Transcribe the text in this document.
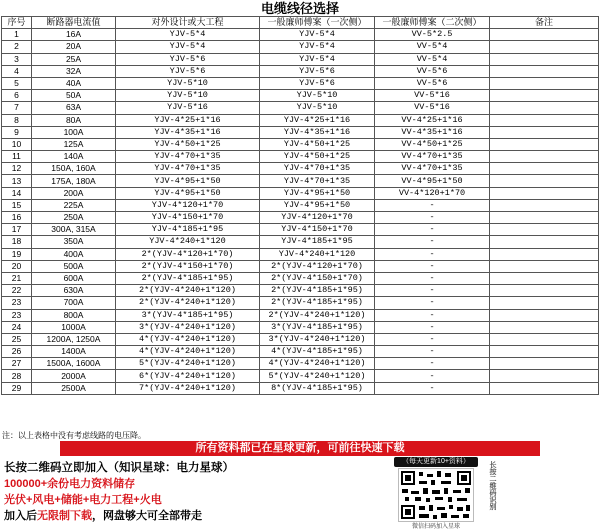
电缆线径选择
序号	断路器电流值	对外设计或大工程	一般廉师傅案（一次侧）	一般廉师傅案（二次侧）	备注
1	16A	YJV-5*4	YJV-5*4	VV-5*2.5	
2	20A	YJV-5*4	YJV-5*4	VV-5*4	
3	25A	YJV-5*6	YJV-5*4	VV-5*4	
4	32A	YJV-5*6	YJV-5*6	VV-5*6	
5	40A	YJV-5*10	YJV-5*6	VV-5*6	
6	50A	YJV-5*10	YJV-5*10	VV-5*16	
7	63A	YJV-5*16	YJV-5*10	VV-5*16	
8	80A	YJV-4*25+1*16	YJV-4*25+1*16	VV-4*25+1*16	
9	100A	YJV-4*35+1*16	YJV-4*35+1*16	VV-4*35+1*16	
10	125A	YJV-4*50+1*25	YJV-4*50+1*25	VV-4*50+1*25	
11	140A	YJV-4*70+1*35	YJV-4*50+1*25	VV-4*70+1*35	
12	150A, 160A	YJV-4*70+1*35	YJV-4*70+1*35	VV-4*70+1*35	
13	175A, 180A	YJV-4*95+1*50	YJV-4*70+1*35	VV-4*95+1*50	
14	200A	YJV-4*95+1*50	YJV-4*95+1*50	VV-4*120+1*70	
15	225A	YJV-4*120+1*70	YJV-4*95+1*50	-	
16	250A	YJV-4*150+1*70	YJV-4*120+1*70	-	
17	300A, 315A	YJV-4*185+1*95	YJV-4*150+1*70	-	
18	350A	YJV-4*240+1*120	YJV-4*185+1*95	-	
19	400A	2*(YJV-4*120+1*70)	YJV-4*240+1*120	-	
20	500A	2*(YJV-4*150+1*70)	2*(YJV-4*120+1*70)	-	
21	600A	2*(YJV-4*185+1*95)	2*(YJV-4*150+1*70)	-	
22	630A	2*(YJV-4*240+1*120)	2*(YJV-4*185+1*95)	-	
23	700A	2*(YJV-4*240+1*120)	2*(YJV-4*185+1*95)	-	
23	800A	3*(YJV-4*185+1*95)	2*(YJV-4*240+1*120)	-	
24	1000A	3*(YJV-4*240+1*120)	3*(YJV-4*185+1*95)	-	
25	1200A, 1250A	4*(YJV-4*240+1*120)	3*(YJV-4*240+1*120)	-	
26	1400A	4*(YJV-4*240+1*120)	4*(YJV-4*185+1*95)	-	
27	1500A, 1600A	5*(YJV-4*240+1*120)	4*(YJV-4*240+1*120)	-	
28	2000A	6*(YJV-4*240+1*120)	5*(YJV-4*240+1*120)	-	
29	2500A	7*(YJV-4*240+1*120)	8*(YJV-4*185+1*95)	-	
注：以上表格中没有考虑线路的电压降。
所有资料都已在星球更新，可前往快速下载
长按二维码立即加入（知识星球：电力星球）
100000+余份电力资料储存
光伏+风电+储能+电力工程+火电
加入后无限制下载，网盘够大可全部带走
（每天更新10+资料）
微信扫码加入星球
长按二维码识别
